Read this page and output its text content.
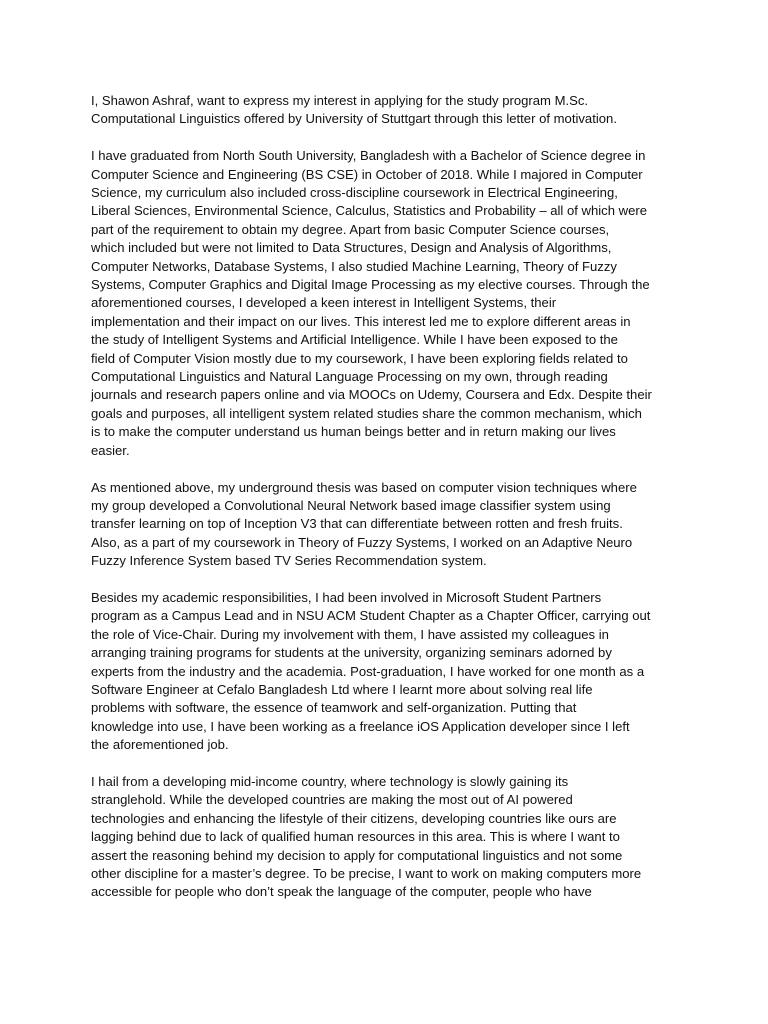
I, Shawon Ashraf, want to express my interest in applying for the study program M.Sc.
Computational Linguistics offered by University of Stuttgart through this letter of motivation.
I have graduated from North South University, Bangladesh with a Bachelor of Science degree in
Computer Science and Engineering (BS CSE) in October of 2018. While I majored in Computer
Science, my curriculum also included cross-discipline coursework in Electrical Engineering,
Liberal Sciences, Environmental Science, Calculus, Statistics and Probability – all of which were
part of the requirement to obtain my degree. Apart from basic Computer Science courses,
which included but were not limited to Data Structures, Design and Analysis of Algorithms,
Computer Networks, Database Systems, I also studied Machine Learning, Theory of Fuzzy
Systems, Computer Graphics and Digital Image Processing as my elective courses. Through the
aforementioned courses, I developed a keen interest in Intelligent Systems, their
implementation and their impact on our lives. This interest led me to explore different areas in
the study of Intelligent Systems and Artificial Intelligence. While I have been exposed to the
field of Computer Vision mostly due to my coursework, I have been exploring fields related to
Computational Linguistics and Natural Language Processing on my own, through reading
journals and research papers online and via MOOCs on Udemy, Coursera and Edx. Despite their
goals and purposes, all intelligent system related studies share the common mechanism, which
is to make the computer understand us human beings better and in return making our lives
easier.
As mentioned above, my underground thesis was based on computer vision techniques where
my group developed a Convolutional Neural Network based image classifier system using
transfer learning on top of Inception V3 that can differentiate between rotten and fresh fruits.
Also, as a part of my coursework in Theory of Fuzzy Systems, I worked on an Adaptive Neuro
Fuzzy Inference System based TV Series Recommendation system.
Besides my academic responsibilities, I had been involved in Microsoft Student Partners
program as a Campus Lead and in NSU ACM Student Chapter as a Chapter Officer, carrying out
the role of Vice-Chair. During my involvement with them, I have assisted my colleagues in
arranging training programs for students at the university, organizing seminars adorned by
experts from the industry and the academia. Post-graduation, I have worked for one month as a
Software Engineer at Cefalo Bangladesh Ltd where I learnt more about solving real life
problems with software, the essence of teamwork and self-organization. Putting that
knowledge into use, I have been working as a freelance iOS Application developer since I left
the aforementioned job.
I hail from a developing mid-income country, where technology is slowly gaining its
stranglehold. While the developed countries are making the most out of AI powered
technologies and enhancing the lifestyle of their citizens, developing countries like ours are
lagging behind due to lack of qualified human resources in this area. This is where I want to
assert the reasoning behind my decision to apply for computational linguistics and not some
other discipline for a master’s degree. To be precise, I want to work on making computers more
accessible for people who don’t speak the language of the computer, people who have
